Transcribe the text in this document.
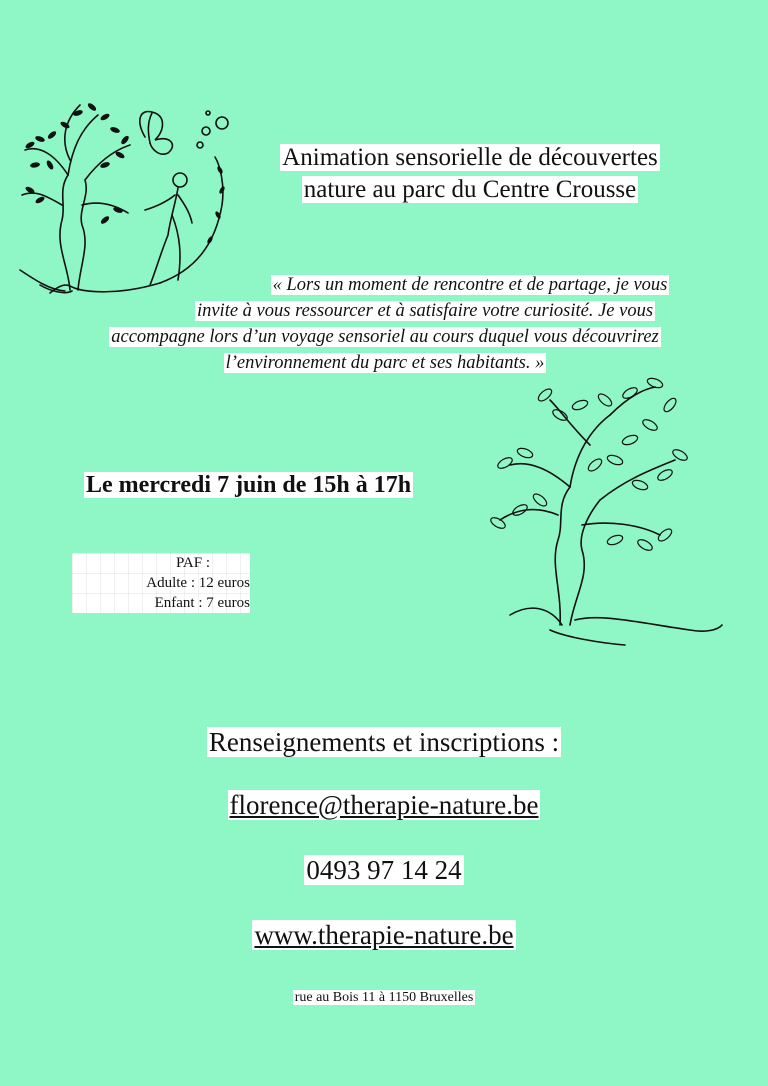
Animation sensorielle de découvertes
nature au parc du Centre Crousse
« Lors un moment de rencontre et de partage, je vous
invite à vous ressourcer et à satisfaire votre curiosité. Je vous
accompagne lors d’un voyage sensoriel au cours duquel vous découvrirez
l’environnement du parc et ses habitants. »
Le mercredi 7 juin de 15h à 17h
PAF :
Adulte : 12 euros
Enfant : 7 euros
Renseignements et inscriptions :
florence@therapie-nature.be
0493 97 14 24
www.therapie-nature.be
rue au Bois 11 à 1150 Bruxelles
